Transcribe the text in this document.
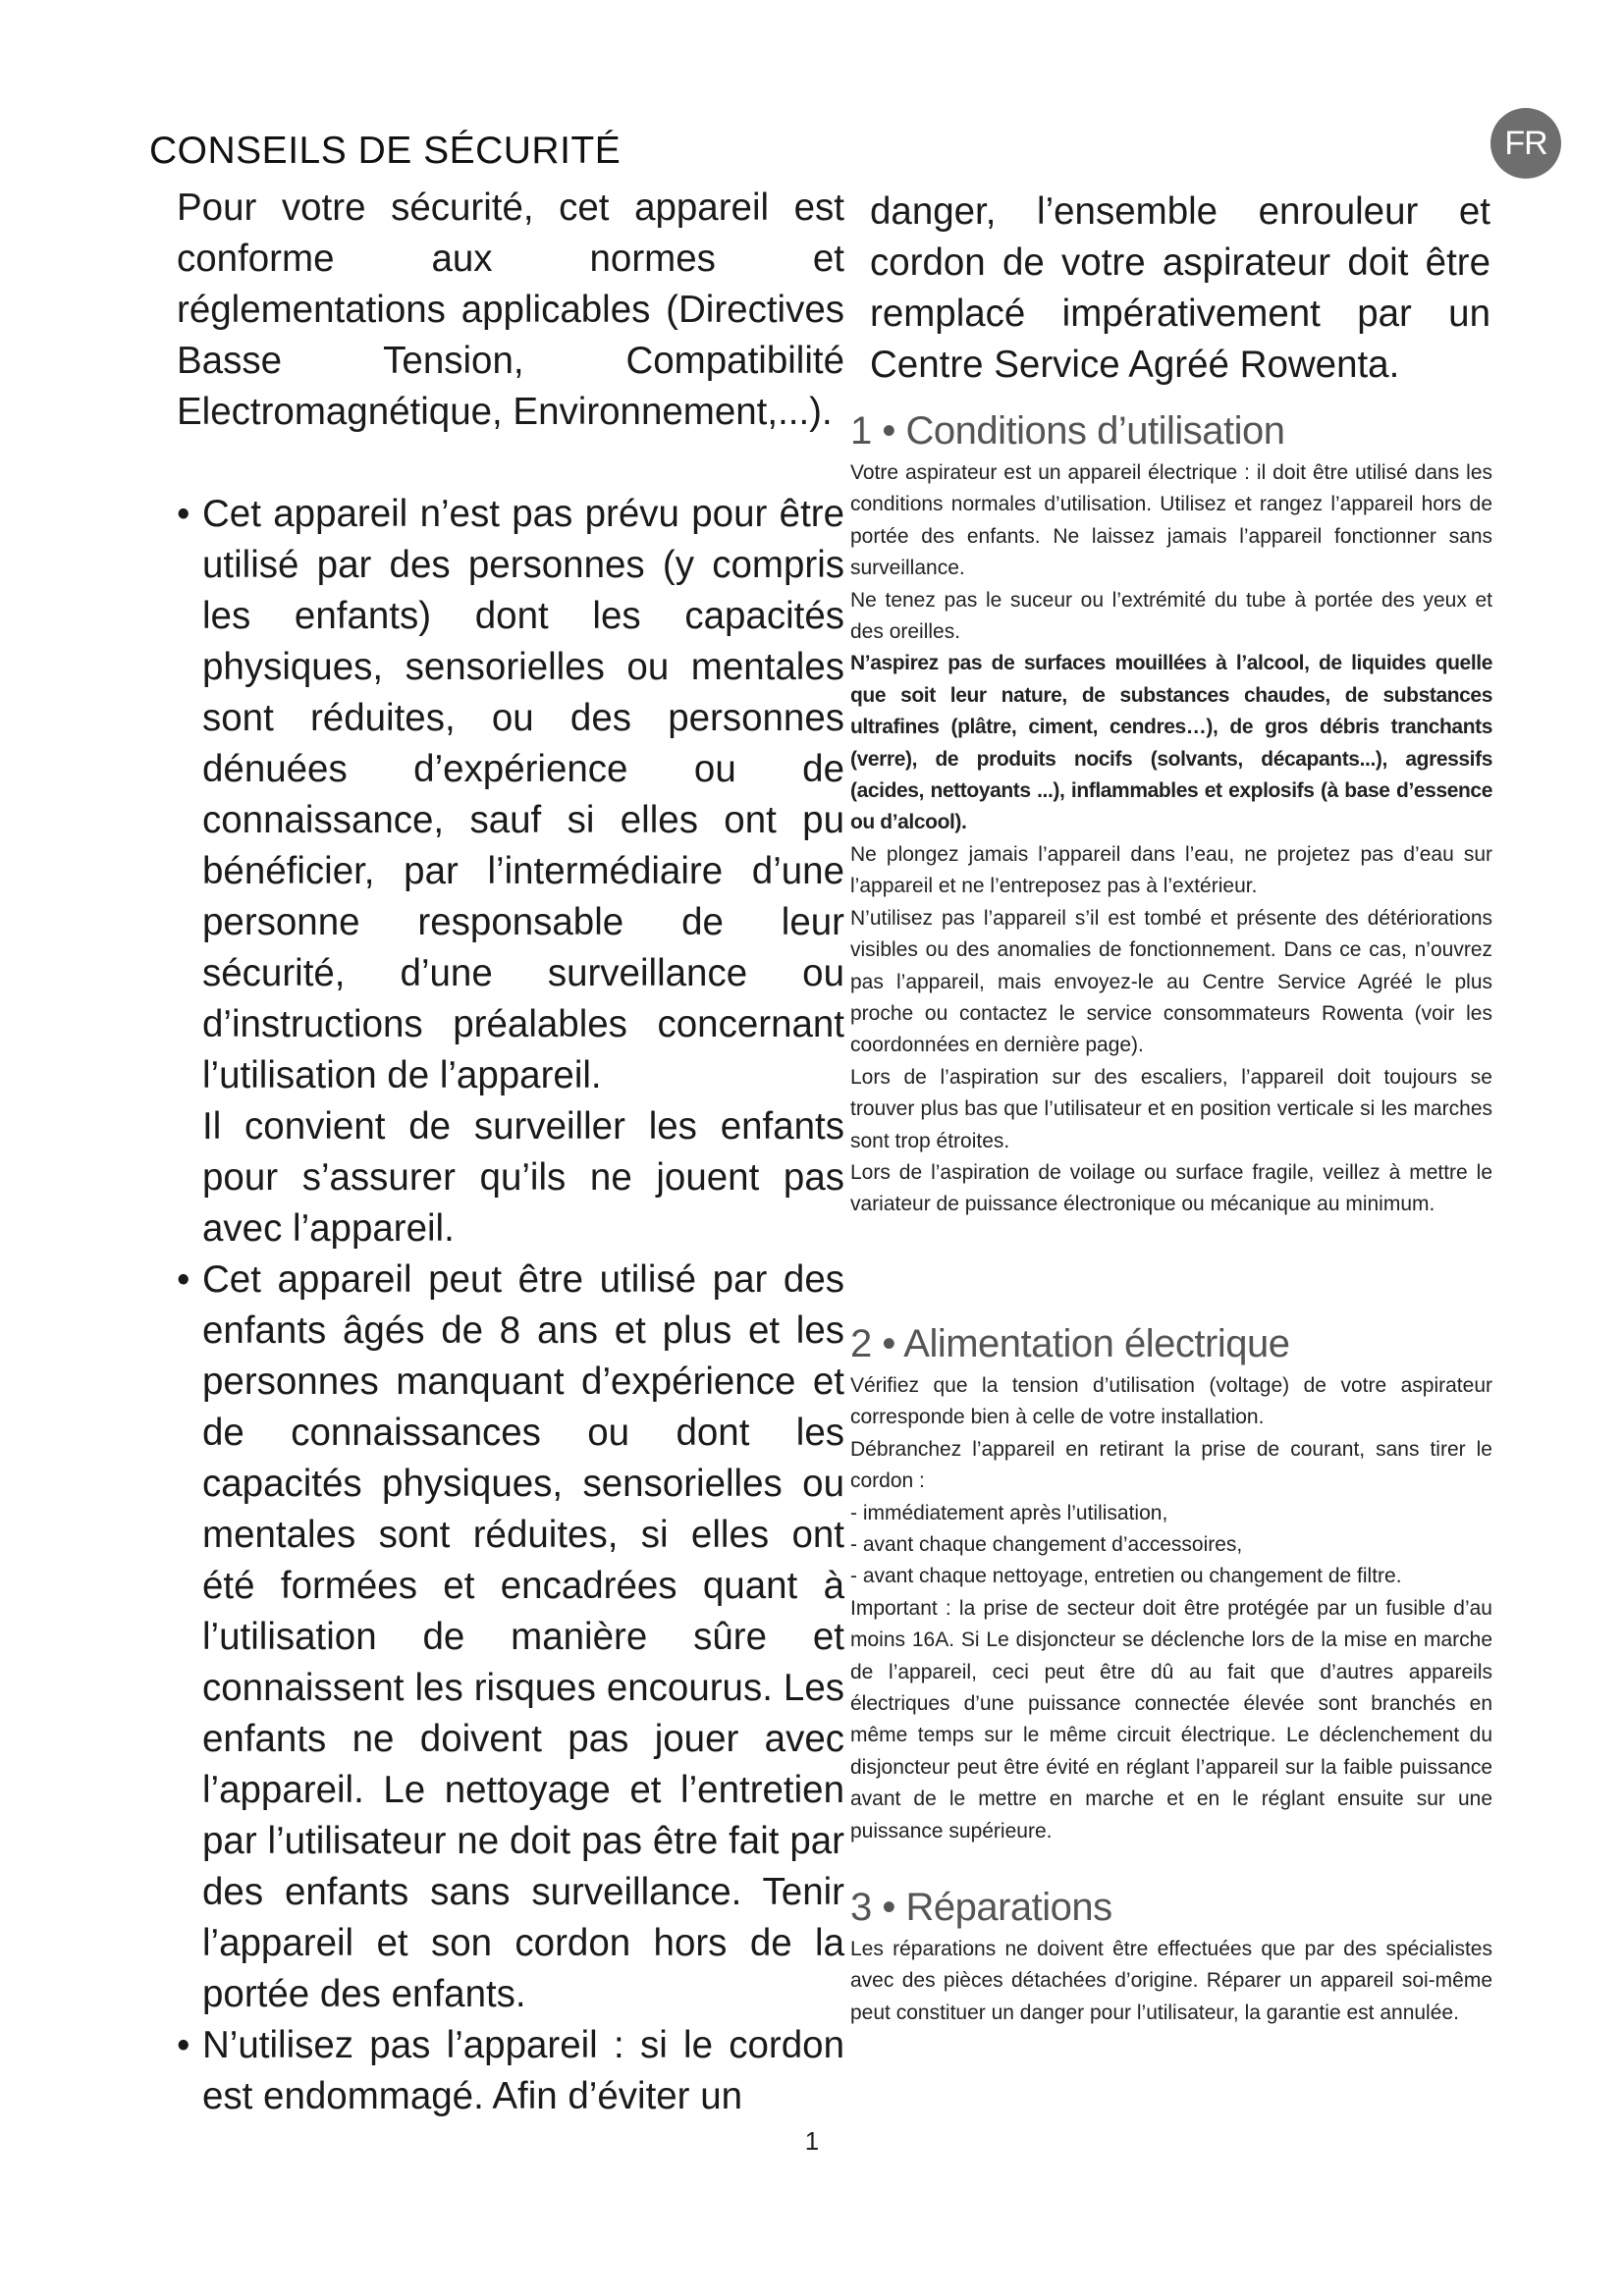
FR
CONSEILS DE SÉCURITÉ

Pour votre sécurité, cet appareil est conforme aux normes et réglementations applicables (Directives Basse Tension, Compatibilité Electromagnétique, Environnement,...).

• Cet appareil n’est pas prévu pour être utilisé par des personnes (y compris les enfants) dont les capacités physiques, sensorielles ou mentales sont réduites, ou des personnes dénuées d’expérience ou de connaissance, sauf si elles ont pu bénéficier, par l’intermédiaire d’une personne responsable de leur sécurité, d’une surveillance ou d’instructions préalables concernant l’utilisation de l’appareil.

Il convient de surveiller les enfants pour s’assurer qu’ils ne jouent pas avec l’appareil.

• Cet appareil peut être utilisé par des enfants âgés de 8 ans et plus et les personnes manquant d’expérience et de connaissances ou dont les capacités physiques, sensorielles ou mentales sont réduites, si elles ont été formées et encadrées quant à l’utilisation de manière sûre et connaissent les risques encourus. Les enfants ne doivent pas jouer avec l’appareil. Le nettoyage et l’entretien par l’utilisateur ne doit pas être fait par des enfants sans surveillance. Tenir l’appareil et son cordon hors de la portée des enfants.

• N’utilisez pas l’appareil : si le cordon est endommagé. Afin d’éviter un

danger, l’ensemble enrouleur et cordon de votre aspirateur doit être remplacé impérativement par un Centre Service Agréé Rowenta.

1 • Conditions d’utilisation

Votre aspirateur est un appareil électrique : il doit être utilisé dans les conditions normales d’utilisation. Utilisez et rangez l’appareil hors de portée des enfants. Ne laissez jamais l’appareil fonctionner sans surveillance.

Ne tenez pas le suceur ou l’extrémité du tube à portée des yeux et des oreilles.

N’aspirez pas de surfaces mouillées à l’alcool, de liquides quelle que soit leur nature, de substances chaudes, de substances ultrafines (plâtre, ciment, cendres…), de gros débris tranchants (verre), de produits nocifs (solvants, décapants...), agressifs (acides, nettoyants ...), inflammables et explosifs (à base d’essence ou d’alcool).

Ne plongez jamais l’appareil dans l’eau, ne projetez pas d’eau sur l’appareil et ne l’entreposez pas à l’extérieur.

N’utilisez pas l’appareil s’il est tombé et présente des détériorations visibles ou des anomalies de fonctionnement. Dans ce cas, n’ouvrez pas l’appareil, mais envoyez-le au Centre Service Agréé le plus proche ou contactez le service consommateurs Rowenta (voir les coordonnées en dernière page).

Lors de l’aspiration sur des escaliers, l’appareil doit toujours se trouver plus bas que l’utilisateur et en position verticale si les marches sont trop étroites.

Lors de l’aspiration de voilage ou surface fragile, veillez à mettre le variateur de puissance électronique ou mécanique au minimum.

2 • Alimentation électrique

Vérifiez que la tension d’utilisation (voltage) de votre aspirateur corresponde bien à celle de votre installation.

Débranchez l’appareil en retirant la prise de courant, sans tirer le cordon :

- immédiatement après l’utilisation,

- avant chaque changement d’accessoires,

- avant chaque nettoyage, entretien ou changement de filtre.

Important : la prise de secteur doit être protégée par un fusible d’au moins 16A. Si Le disjoncteur se déclenche lors de la mise en marche de l’appareil, ceci peut être dû au fait que d’autres appareils électriques d’une puissance connectée élevée sont branchés en même temps sur le même circuit électrique. Le déclenchement du disjoncteur peut être évité en réglant l’appareil sur la faible puissance avant de le mettre en marche et en le réglant ensuite sur une puissance supérieure.

3 • Réparations

Les réparations ne doivent être effectuées que par des spécialistes avec des pièces détachées d’origine. Réparer un appareil soi-même peut constituer un danger pour l’utilisateur, la garantie est annulée.

1
